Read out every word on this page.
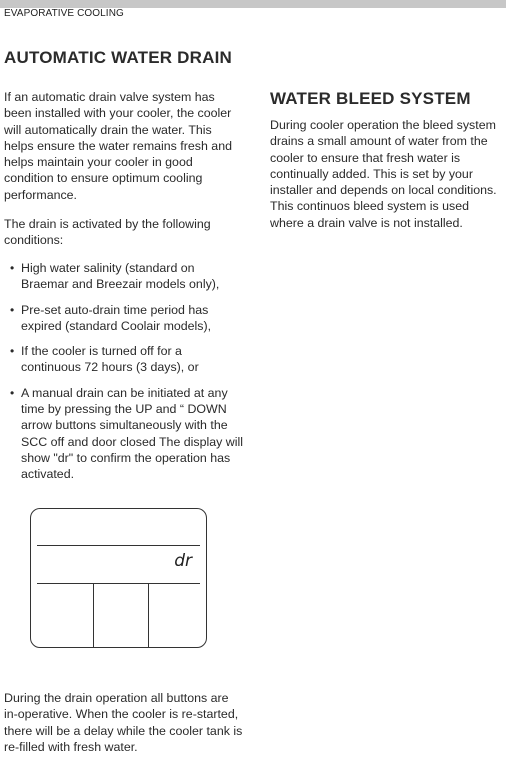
EVAPORATIVE COOLING
AUTOMATIC WATER DRAIN

If an automatic drain valve system has been installed with your cooler, the cooler will automatically drain the water. This helps ensure the water remains fresh and helps maintain your cooler in good condition to ensure optimum cooling performance.

The drain is activated by the following conditions:

• High water salinity (standard on Braemar and Breezair models only),
• Pre-set auto-drain time period has expired (standard Coolair models),
• If the cooler is turned off for a continuous 72 hours (3 days), or
• A manual drain can be initiated at any time by pressing the UP and “ DOWN arrow buttons simultaneously with the SCC off and door closed The display will show "dr" to confirm the operation has activated.
dr

During the drain operation all buttons are in-operative. When the cooler is re-started, there will be a delay while the cooler tank is re-filled with fresh water.

WATER BLEED SYSTEM

During cooler operation the bleed system drains a small amount of water from the cooler to ensure that fresh water is continually added. This is set by your installer and depends on local conditions. This continuos bleed system is used where a drain valve is not installed.
